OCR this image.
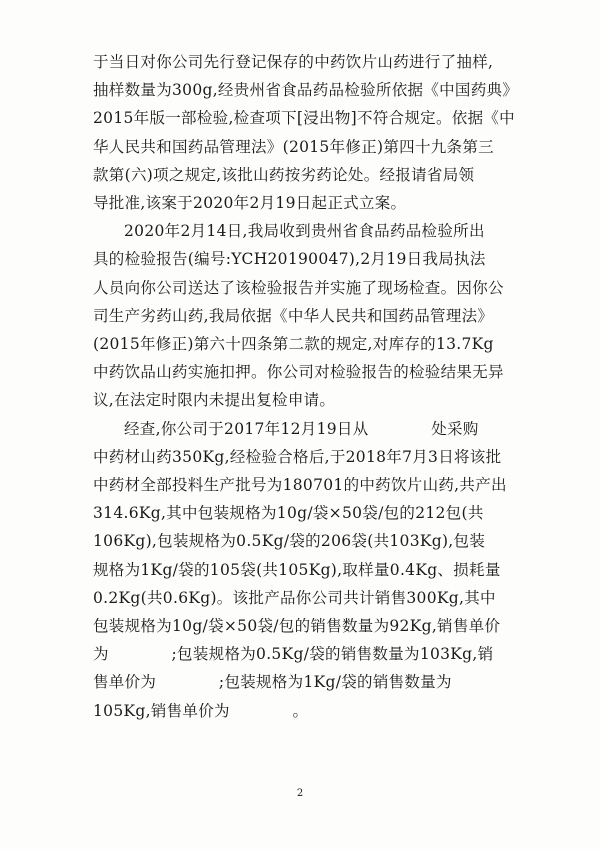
于当日对你公司先行登记保存的中药饮片山药进行了抽样,
抽样数量为300g,经贵州省食品药品检验所依据《中国药典》
2015年版一部检验,检查项下[浸出物]不符合规定。依据《中
华人民共和国药品管理法》(2015年修正)第四十九条第三
款第(六)项之规定,该批山药按劣药论处。经报请省局领
导批准,该案于2020年2月19日起正式立案。
2020年2月14日,我局收到贵州省食品药品检验所出
具的检验报告(编号:YCH20190047),2月19日我局执法
人员向你公司送达了该检验报告并实施了现场检查。因你公
司生产劣药山药,我局依据《中华人民共和国药品管理法》
(2015年修正)第六十四条第二款的规定,对库存的13.7Kg
中药饮品山药实施扣押。你公司对检验报告的检验结果无异
议,在法定时限内未提出复检申请。
经查,你公司于2017年12月19日从            处采购
中药材山药350Kg,经检验合格后,于2018年7月3日将该批
中药材全部投料生产批号为180701的中药饮片山药,共产出
314.6Kg,其中包装规格为10g/袋×50袋/包的212包(共
106Kg),包装规格为0.5Kg/袋的206袋(共103Kg),包装
规格为1Kg/袋的105袋(共105Kg),取样量0.4Kg、损耗量
0.2Kg(共0.6Kg)。该批产品你公司共计销售300Kg,其中
包装规格为10g/袋×50袋/包的销售数量为92Kg,销售单价
为            ;包装规格为0.5Kg/袋的销售数量为103Kg,销
售单价为            ;包装规格为1Kg/袋的销售数量为
105Kg,销售单价为            。
2
